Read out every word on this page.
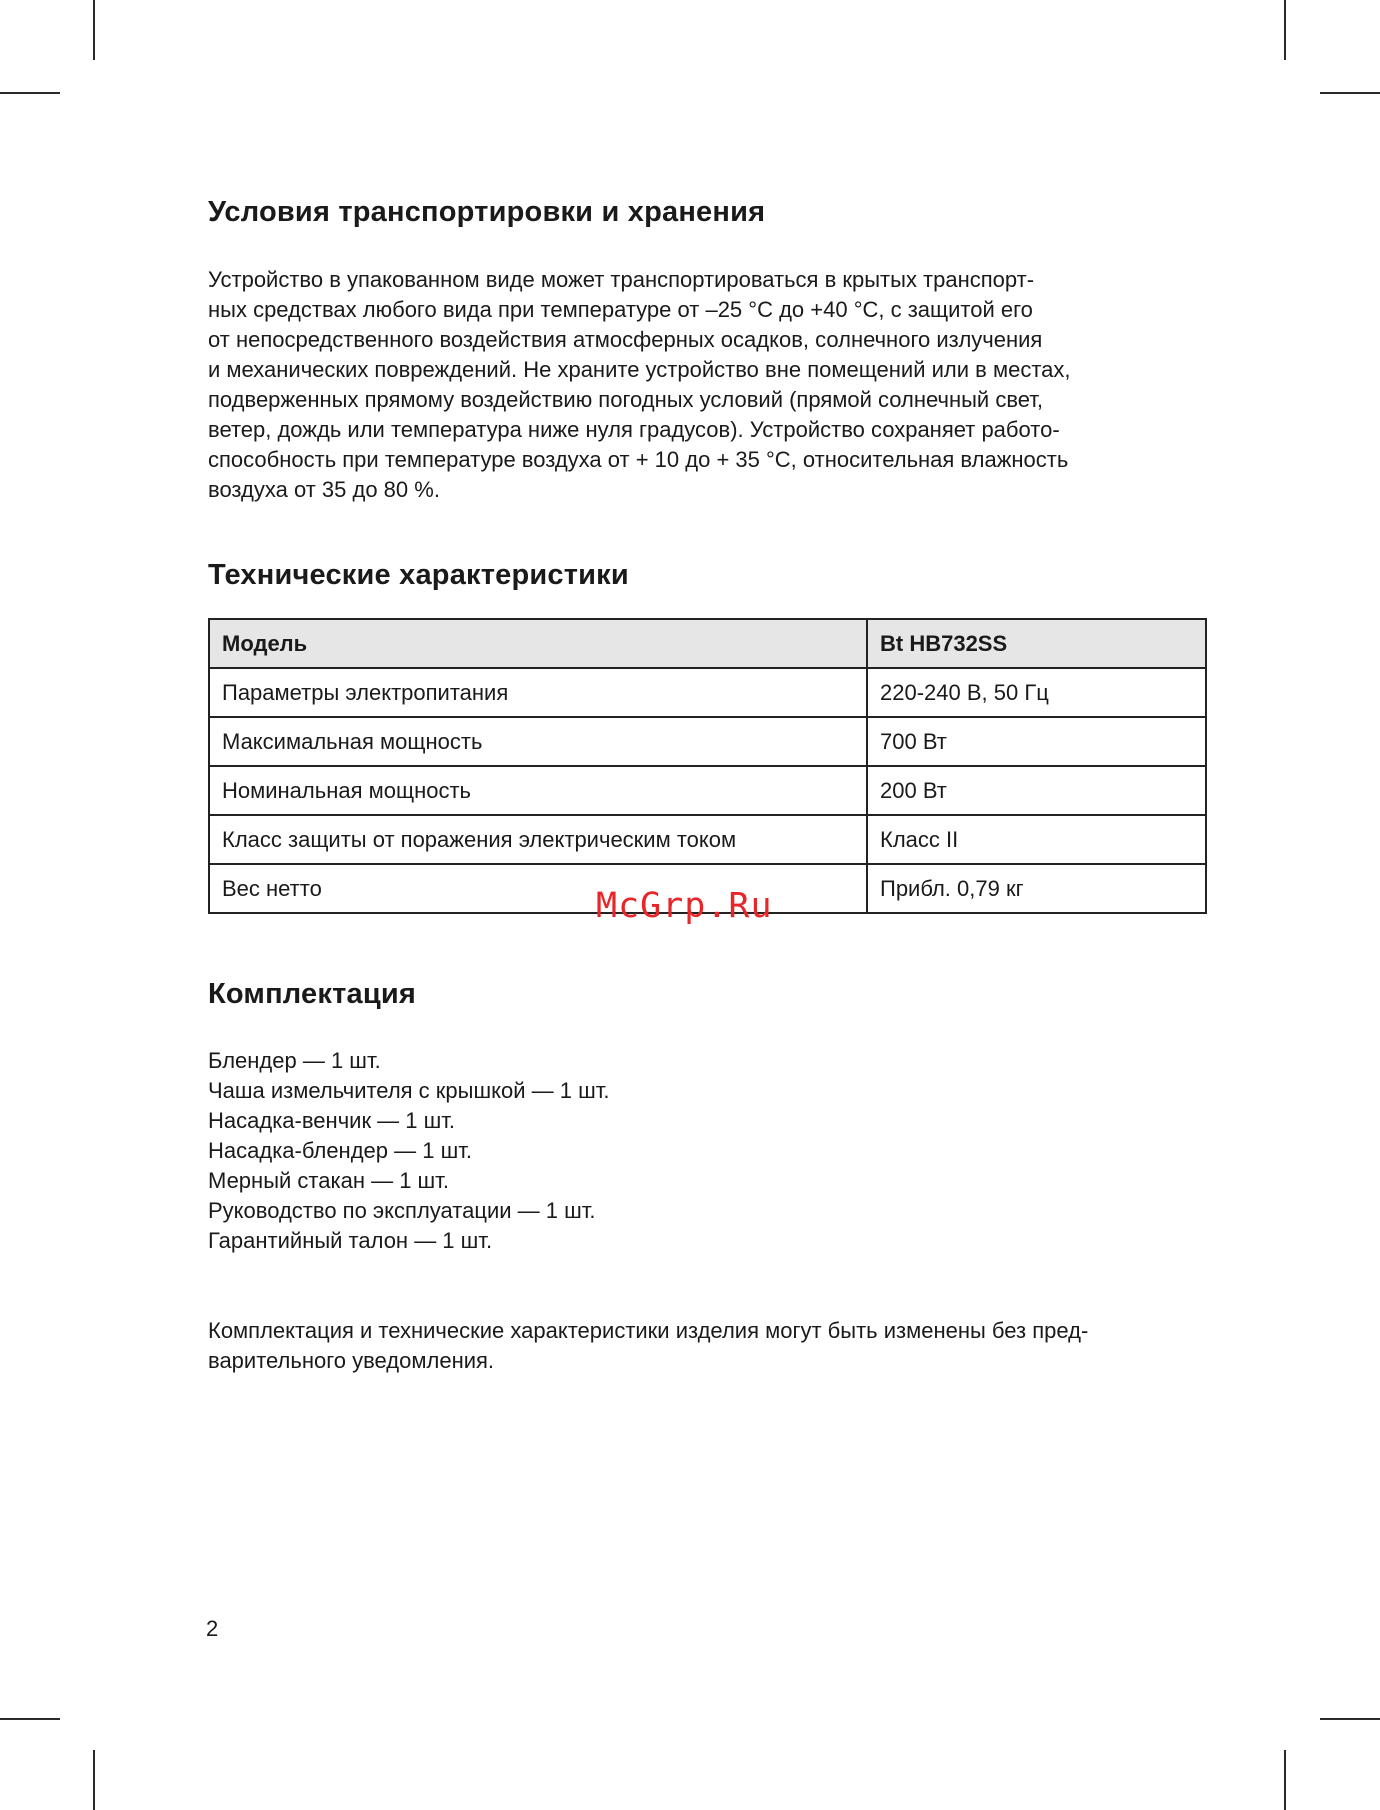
Условия транспортировки и хранения

Устройство в упакованном виде может транспортироваться в крытых транспорт-
ных средствах любого вида при температуре от –25 °С до +40 °С, с защитой его
от непосредственного воздействия атмосферных осадков, солнечного излучения
и механических повреждений. Не храните устройство вне помещений или в местах,
подверженных прямому воздействию погодных условий (прямой солнечный свет,
ветер, дождь или температура ниже нуля градусов). Устройство сохраняет работо-
способность при температуре воздуха от + 10 до + 35 °С, относительная влажность
воздуха от 35 до 80 %.

Технические характеристики
Модель	Bt HB732SS
Параметры электропитания	220-240 В, 50 Гц
Максимальная мощность	700 Вт
Номинальная мощность	200 Вт
Класс защиты от поражения электрическим током	Класс II
Вес нетто	Прибл. 0,79 кг
Комплектация
Блендер — 1 шт.
Чаша измельчителя с крышкой — 1 шт.
Насадка-венчик — 1 шт.
Насадка-блендер — 1 шт.
Мерный стакан — 1 шт.
Руководство по эксплуатации — 1 шт.
Гарантийный талон — 1 шт.

Комплектация и технические характеристики изделия могут быть изменены без пред-
варительного уведомления.

McGrp.Ru
2
